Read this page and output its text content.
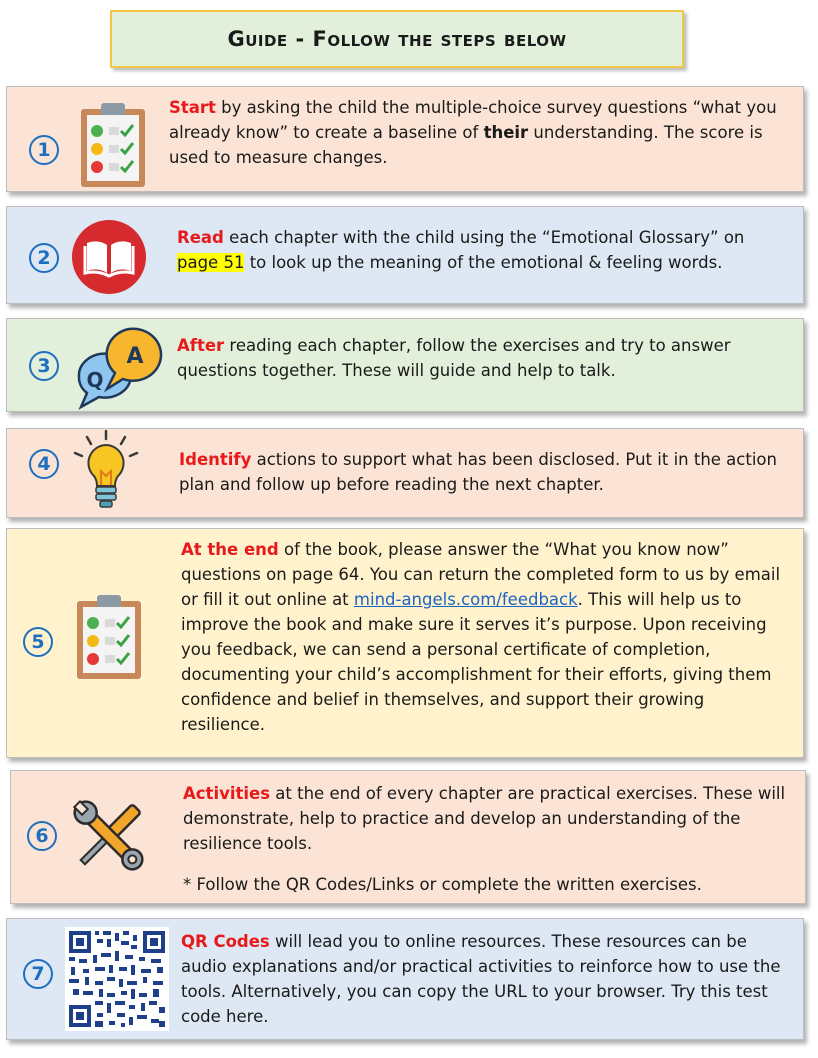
Guide - Follow the steps below
1
Start by asking the child the multiple-choice survey questions “what you already know” to create a baseline of their understanding. The score is used to measure changes.
2
Read each chapter with the child using the “Emotional Glossary” on page 51 to look up the meaning of the emotional & feeling words.
3
Q
A After reading each chapter, follow the exercises and try to answer questions together. These will guide and help to talk.
4	Identify actions to support what has been disclosed. Put it in the action plan and follow up before reading the next chapter.
5
At the end of the book, please answer the “What you know now” questions on page 64. You can return the completed form to us by email or fill it out online at mind-angels.com/feedback. This will help us to improve the book and make sure it serves it’s purpose. Upon receiving you feedback, we can send a personal certificate of completion, documenting your child’s accomplishment for their efforts, giving them confidence and belief in themselves, and support their growing resilience.
6
Activities at the end of every chapter are practical exercises. These will demonstrate, help to practice and develop an understanding of the resilience tools.
* Follow the QR Codes/Links or complete the written exercises.
7
QR Codes will lead you to online resources. These resources can be audio explanations and/or practical activities to reinforce how to use the tools. Alternatively, you can copy the URL to your browser. Try this test code here.
